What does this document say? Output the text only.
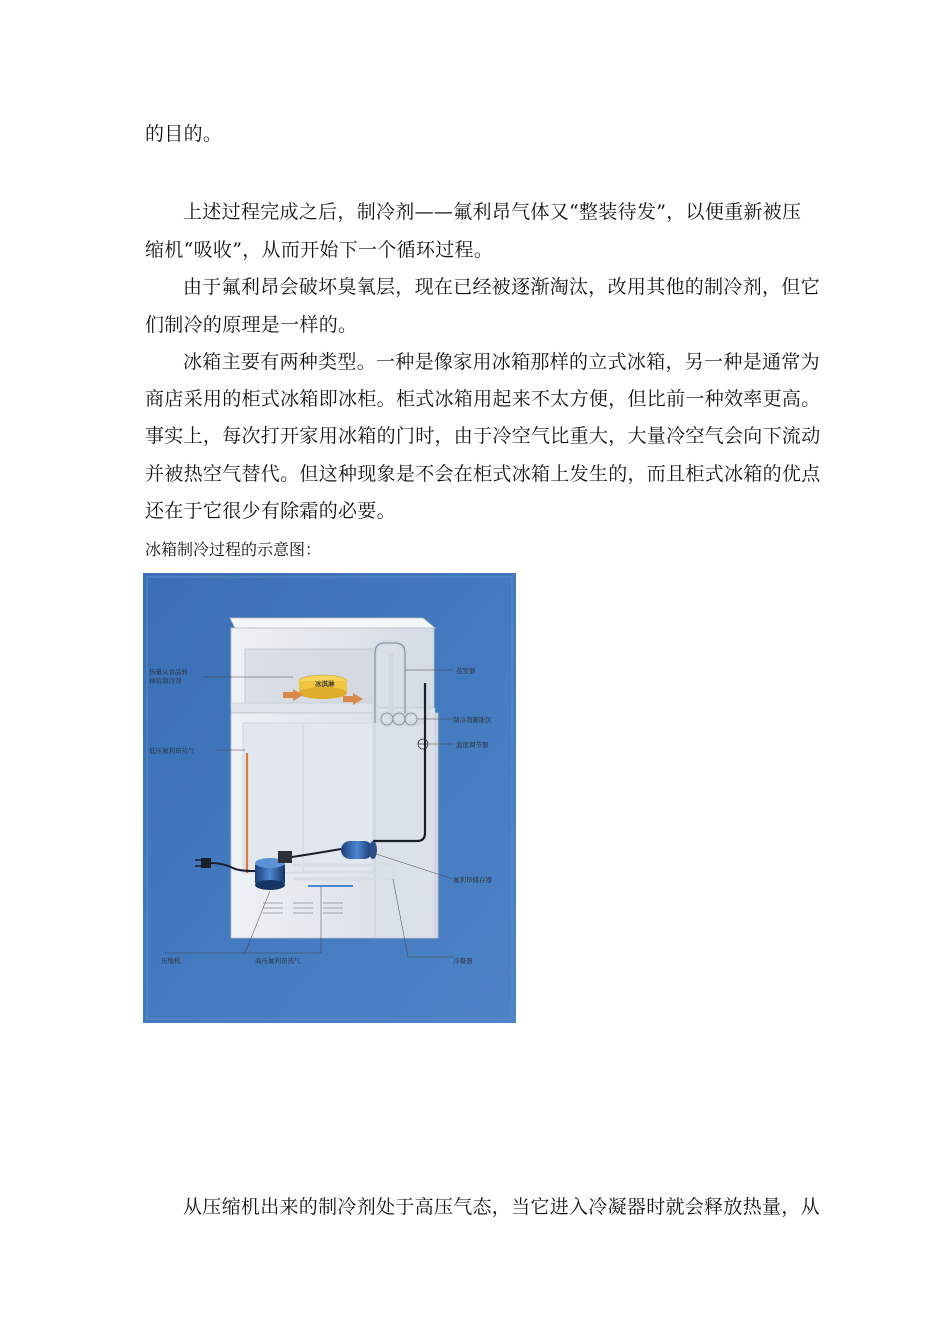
的目的。
上述过程完成之后，制冷剂——氟利昂气体又“整装待发”，以便重新被压
缩机“吸收”，从而开始下一个循环过程。
由于氟利昂会破坏臭氧层，现在已经被逐渐淘汰，改用其他的制冷剂，但它
们制冷的原理是一样的。
冰箱主要有两种类型。一种是像家用冰箱那样的立式冰箱，另一种是通常为
商店采用的柜式冰箱即冰柜。柜式冰箱用起来不太方便，但比前一种效率更高。
事实上，每次打开家用冰箱的门时，由于冷空气比重大，大量冷空气会向下流动
并被热空气替代。但这种现象是不会在柜式冰箱上发生的，而且柜式冰箱的优点
还在于它很少有除霜的必要。
冰箱制冷过程的示意图：
冰淇淋
热量从食品转
移给制冷剂
低压氟利昂蒸气
蒸发器
制冷剂膨胀区
温度调节器
氟利昂储存器
压缩机	高压氟利昂蒸气	冷凝器
从压缩机出来的制冷剂处于高压气态，当它进入冷凝器时就会释放热量，从
